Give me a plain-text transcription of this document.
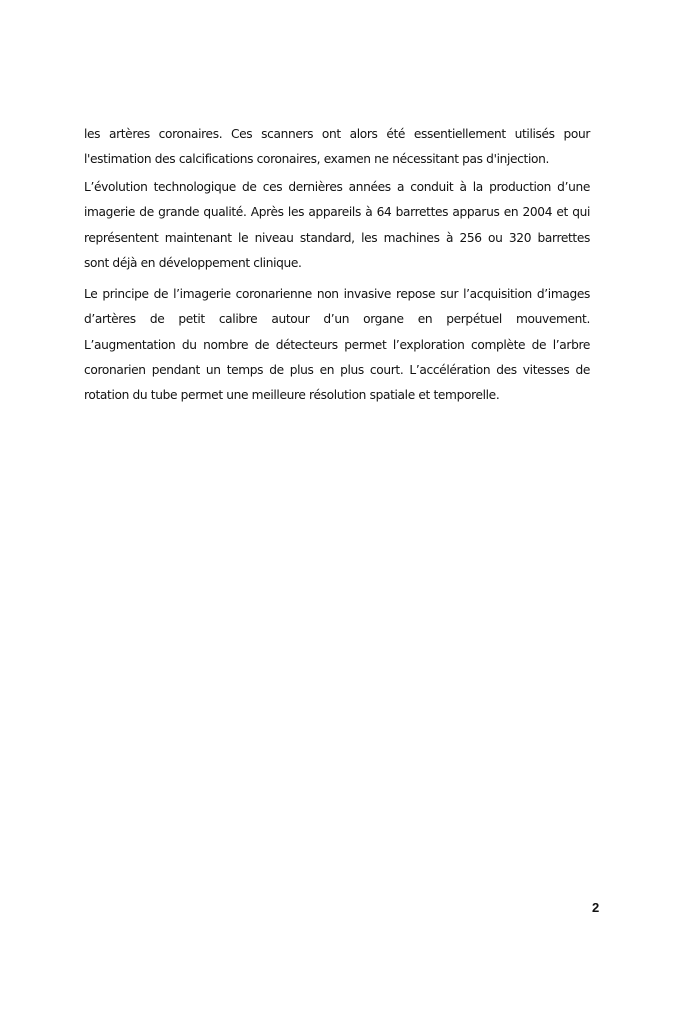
les artères coronaires. Ces scanners ont alors été essentiellement utilisés pour
l'estimation des calcifications coronaires, examen ne nécessitant pas d'injection.
L’évolution technologique de ces dernières années a conduit à la production d’une
imagerie de grande qualité. Après les appareils à 64 barrettes apparus en 2004 et qui
représentent maintenant le niveau standard, les machines à 256 ou 320 barrettes
sont déjà en développement clinique.
Le principe de l’imagerie coronarienne non invasive repose sur l’acquisition d’images
d’artères de petit calibre autour d’un organe en perpétuel mouvement.
L’augmentation du nombre de détecteurs permet l’exploration complète de l’arbre
coronarien pendant un temps de plus en plus court. L’accélération des vitesses de
rotation du tube permet une meilleure résolution spatiale et temporelle.
2
